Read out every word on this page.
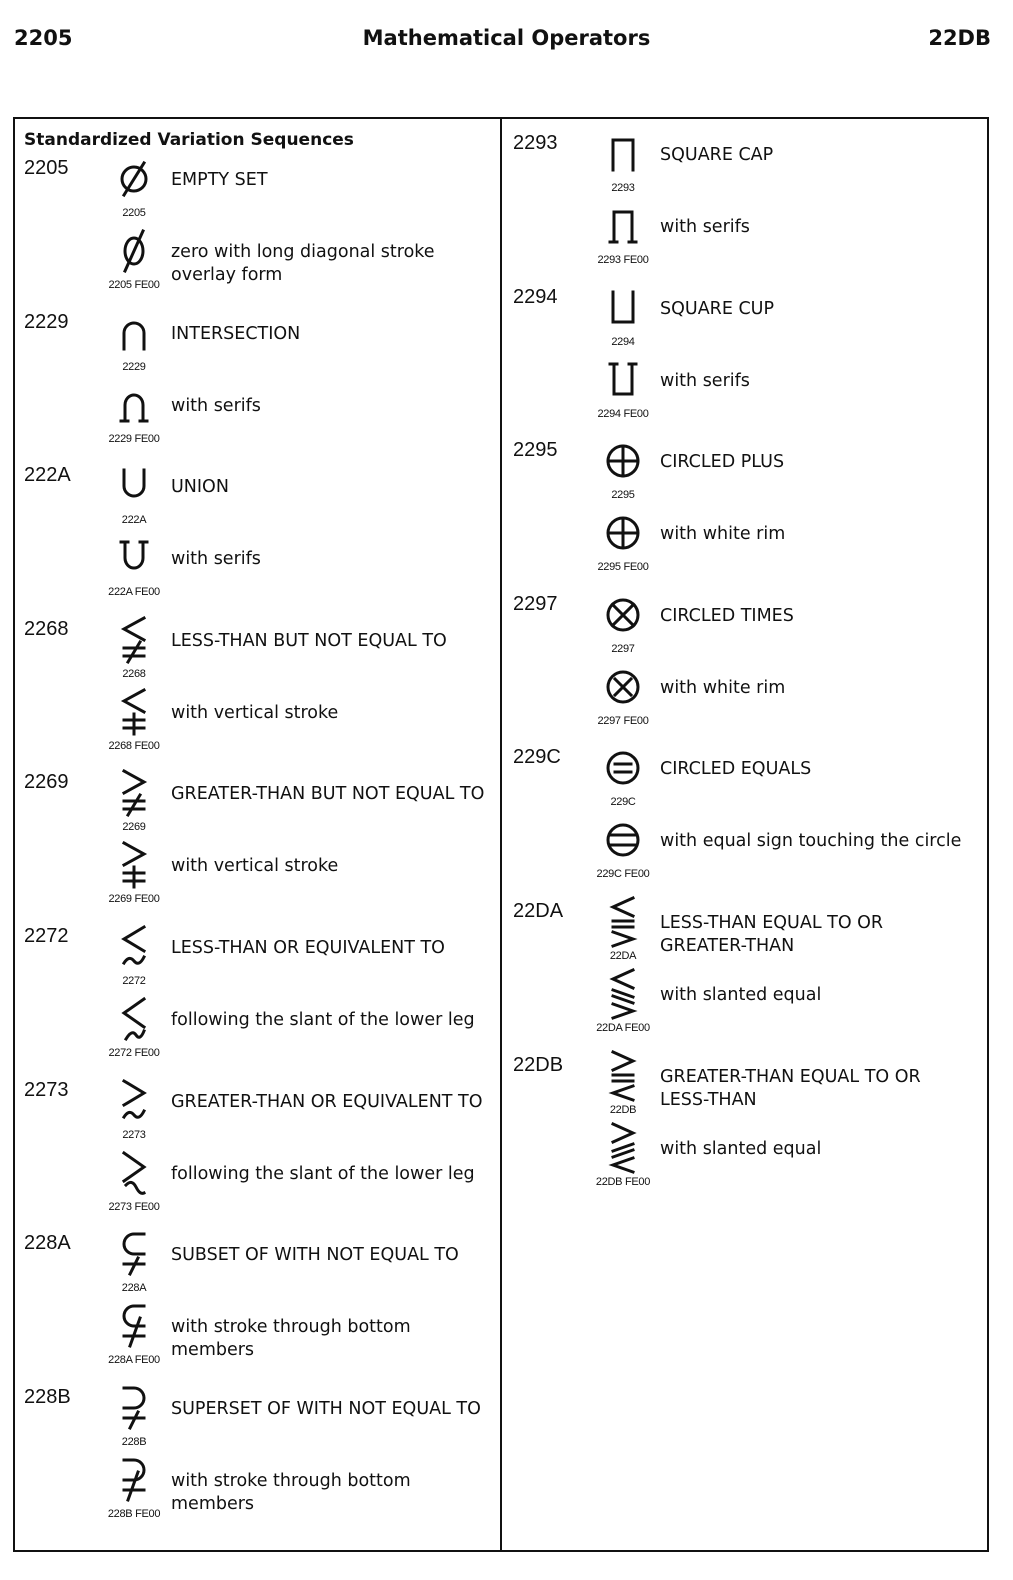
2205	Mathematical Operators	22DB
Standardized Variation Sequences
2205
2205
EMPTY SET
2205 FE00
zero with long diagonal stroke overlay form
2229
2229
INTERSECTION
2229 FE00
with serifs
222A
222A
UNION
222A FE00
with serifs
2268
2268
LESS-THAN BUT NOT EQUAL TO
2268 FE00
with vertical stroke
2269
2269
GREATER-THAN BUT NOT EQUAL TO
2269 FE00
with vertical stroke
2272
2272
LESS-THAN OR EQUIVALENT TO
2272 FE00
following the slant of the lower leg
2273
2273
GREATER-THAN OR EQUIVALENT TO
2273 FE00
following the slant of the lower leg
228A
228A
SUBSET OF WITH NOT EQUAL TO
228A FE00
with stroke through bottom members
228B
228B
SUPERSET OF WITH NOT EQUAL TO
228B FE00
with stroke through bottom members
2293
2293
SQUARE CAP
2293 FE00
with serifs
2294
2294
SQUARE CUP
2294 FE00
with serifs
2295
2295
CIRCLED PLUS
2295 FE00
with white rim
2297
2297
CIRCLED TIMES
2297 FE00
with white rim
229C
229C
CIRCLED EQUALS
229C FE00
with equal sign touching the circle
22DA
22DA
LESS-THAN EQUAL TO OR GREATER-THAN
22DA FE00
with slanted equal
22DB
22DB
GREATER-THAN EQUAL TO OR LESS-THAN
22DB FE00
with slanted equal
